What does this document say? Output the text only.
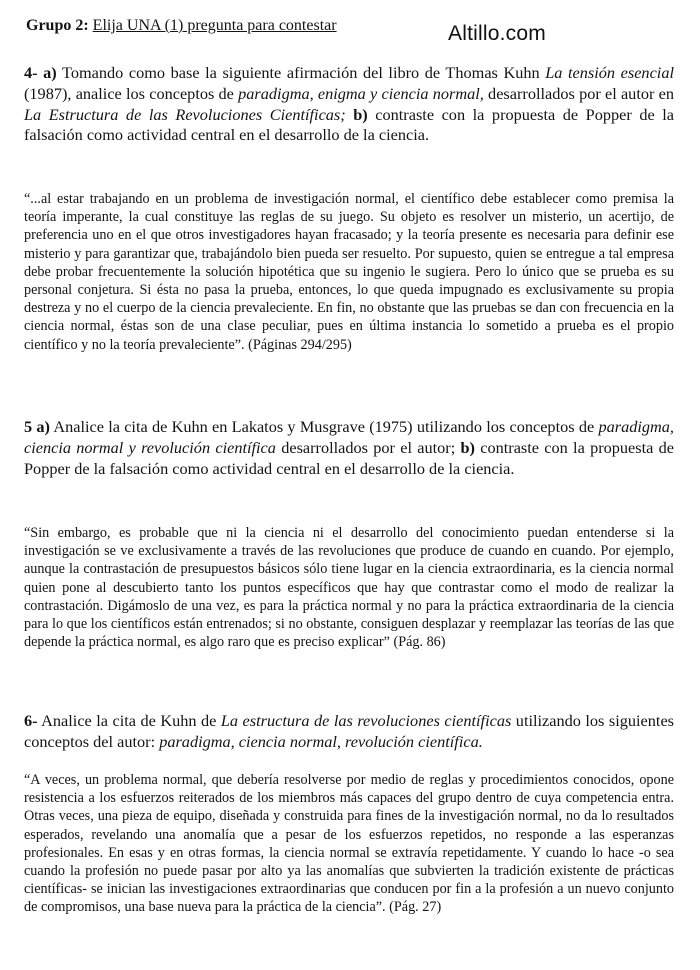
Grupo 2: Elija UNA (1) pregunta para contestar	Altillo.com
4- a) Tomando como base la siguiente afirmación del libro de Thomas Kuhn La tensión esencial (1987), analice los conceptos de paradigma, enigma y ciencia normal, desarrollados por el autor en La Estructura de las Revoluciones Científicas; b) contraste con la propuesta de Popper de la falsación como actividad central en el desarrollo de la ciencia.
“...al estar trabajando en un problema de investigación normal, el científico debe establecer como premisa la teoría imperante, la cual constituye las reglas de su juego. Su objeto es resolver un misterio, un acertijo, de preferencia uno en el que otros investigadores hayan fracasado; y la teoría presente es necesaria para definir ese misterio y para garantizar que, trabajándolo bien pueda ser resuelto. Por supuesto, quien se entregue a tal empresa debe probar frecuentemente la solución hipotética que su ingenio le sugiera. Pero lo único que se prueba es su personal conjetura. Si ésta no pasa la prueba, entonces, lo que queda impugnado es exclusivamente su propia destreza y no el cuerpo de la ciencia prevaleciente. En fin, no obstante que las pruebas se dan con frecuencia en la ciencia normal, éstas son de una clase peculiar, pues en última instancia lo sometido a prueba es el propio científico y no la teoría prevaleciente”. (Páginas 294/295)
5 a) Analice la cita de Kuhn en Lakatos y Musgrave (1975) utilizando los conceptos de paradigma, ciencia normal y revolución científica desarrollados por el autor; b) contraste con la propuesta de Popper de la falsación como actividad central en el desarrollo de la ciencia.
“Sin embargo, es probable que ni la ciencia ni el desarrollo del conocimiento puedan entenderse si la investigación se ve exclusivamente a través de las revoluciones que produce de cuando en cuando. Por ejemplo, aunque la contrastación de presupuestos básicos sólo tiene lugar en la ciencia extraordinaria, es la ciencia normal quien pone al descubierto tanto los puntos específicos que hay que contrastar como el modo de realizar la contrastación. Digámoslo de una vez, es para la práctica normal y no para la práctica extraordinaria de la ciencia para lo que los científicos están entrenados; si no obstante, consiguen desplazar y reemplazar las teorías de las que depende la práctica normal, es algo raro que es preciso explicar” (Pág. 86)
6- Analice la cita de Kuhn de La estructura de las revoluciones científicas utilizando los siguientes conceptos del autor: paradigma, ciencia normal, revolución científica.
“A veces, un problema normal, que debería resolverse por medio de reglas y procedimientos conocidos, opone resistencia a los esfuerzos reiterados de los miembros más capaces del grupo dentro de cuya competencia entra. Otras veces, una pieza de equipo, diseñada y construida para fines de la investigación normal, no da lo resultados esperados, revelando una anomalía que a pesar de los esfuerzos repetidos, no responde a las esperanzas profesionales. En esas y en otras formas, la ciencia normal se extravía repetidamente. Y cuando lo hace -o sea cuando la profesión no puede pasar por alto ya las anomalías que subvierten la tradición existente de prácticas científicas- se inician las investigaciones extraordinarias que conducen por fin a la profesión a un nuevo conjunto de compromisos, una base nueva para la práctica de la ciencia”. (Pág. 27)
